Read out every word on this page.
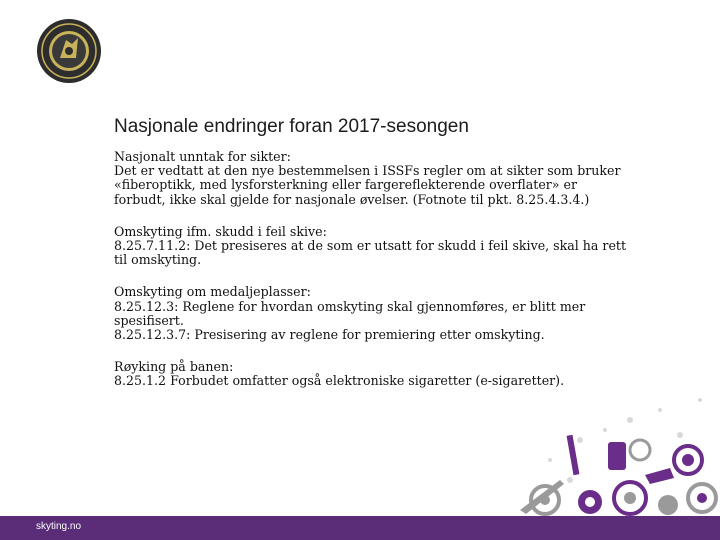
Nasjonale endringer foran 2017-sesongen
Nasjonalt unntak for sikter:
Det er vedtatt at den nye bestemmelsen i ISSFs regler om at sikter som bruker
«fiberoptikk, med lysforsterkning eller fargereflekterende overflater» er
forbudt, ikke skal gjelde for nasjonale øvelser. (Fotnote til pkt. 8.25.4.3.4.)
Omskyting ifm. skudd i feil skive:
8.25.7.11.2: Det presiseres at de som er utsatt for skudd i feil skive, skal ha rett
til omskyting.
Omskyting om medaljeplasser:
8.25.12.3: Reglene for hvordan omskyting skal gjennomføres, er blitt mer
spesifisert.
8.25.12.3.7: Presisering av reglene for premiering etter omskyting.
Røyking på banen:
8.25.1.2 Forbudet omfatter også elektroniske sigaretter (e-sigaretter).
skyting.no
